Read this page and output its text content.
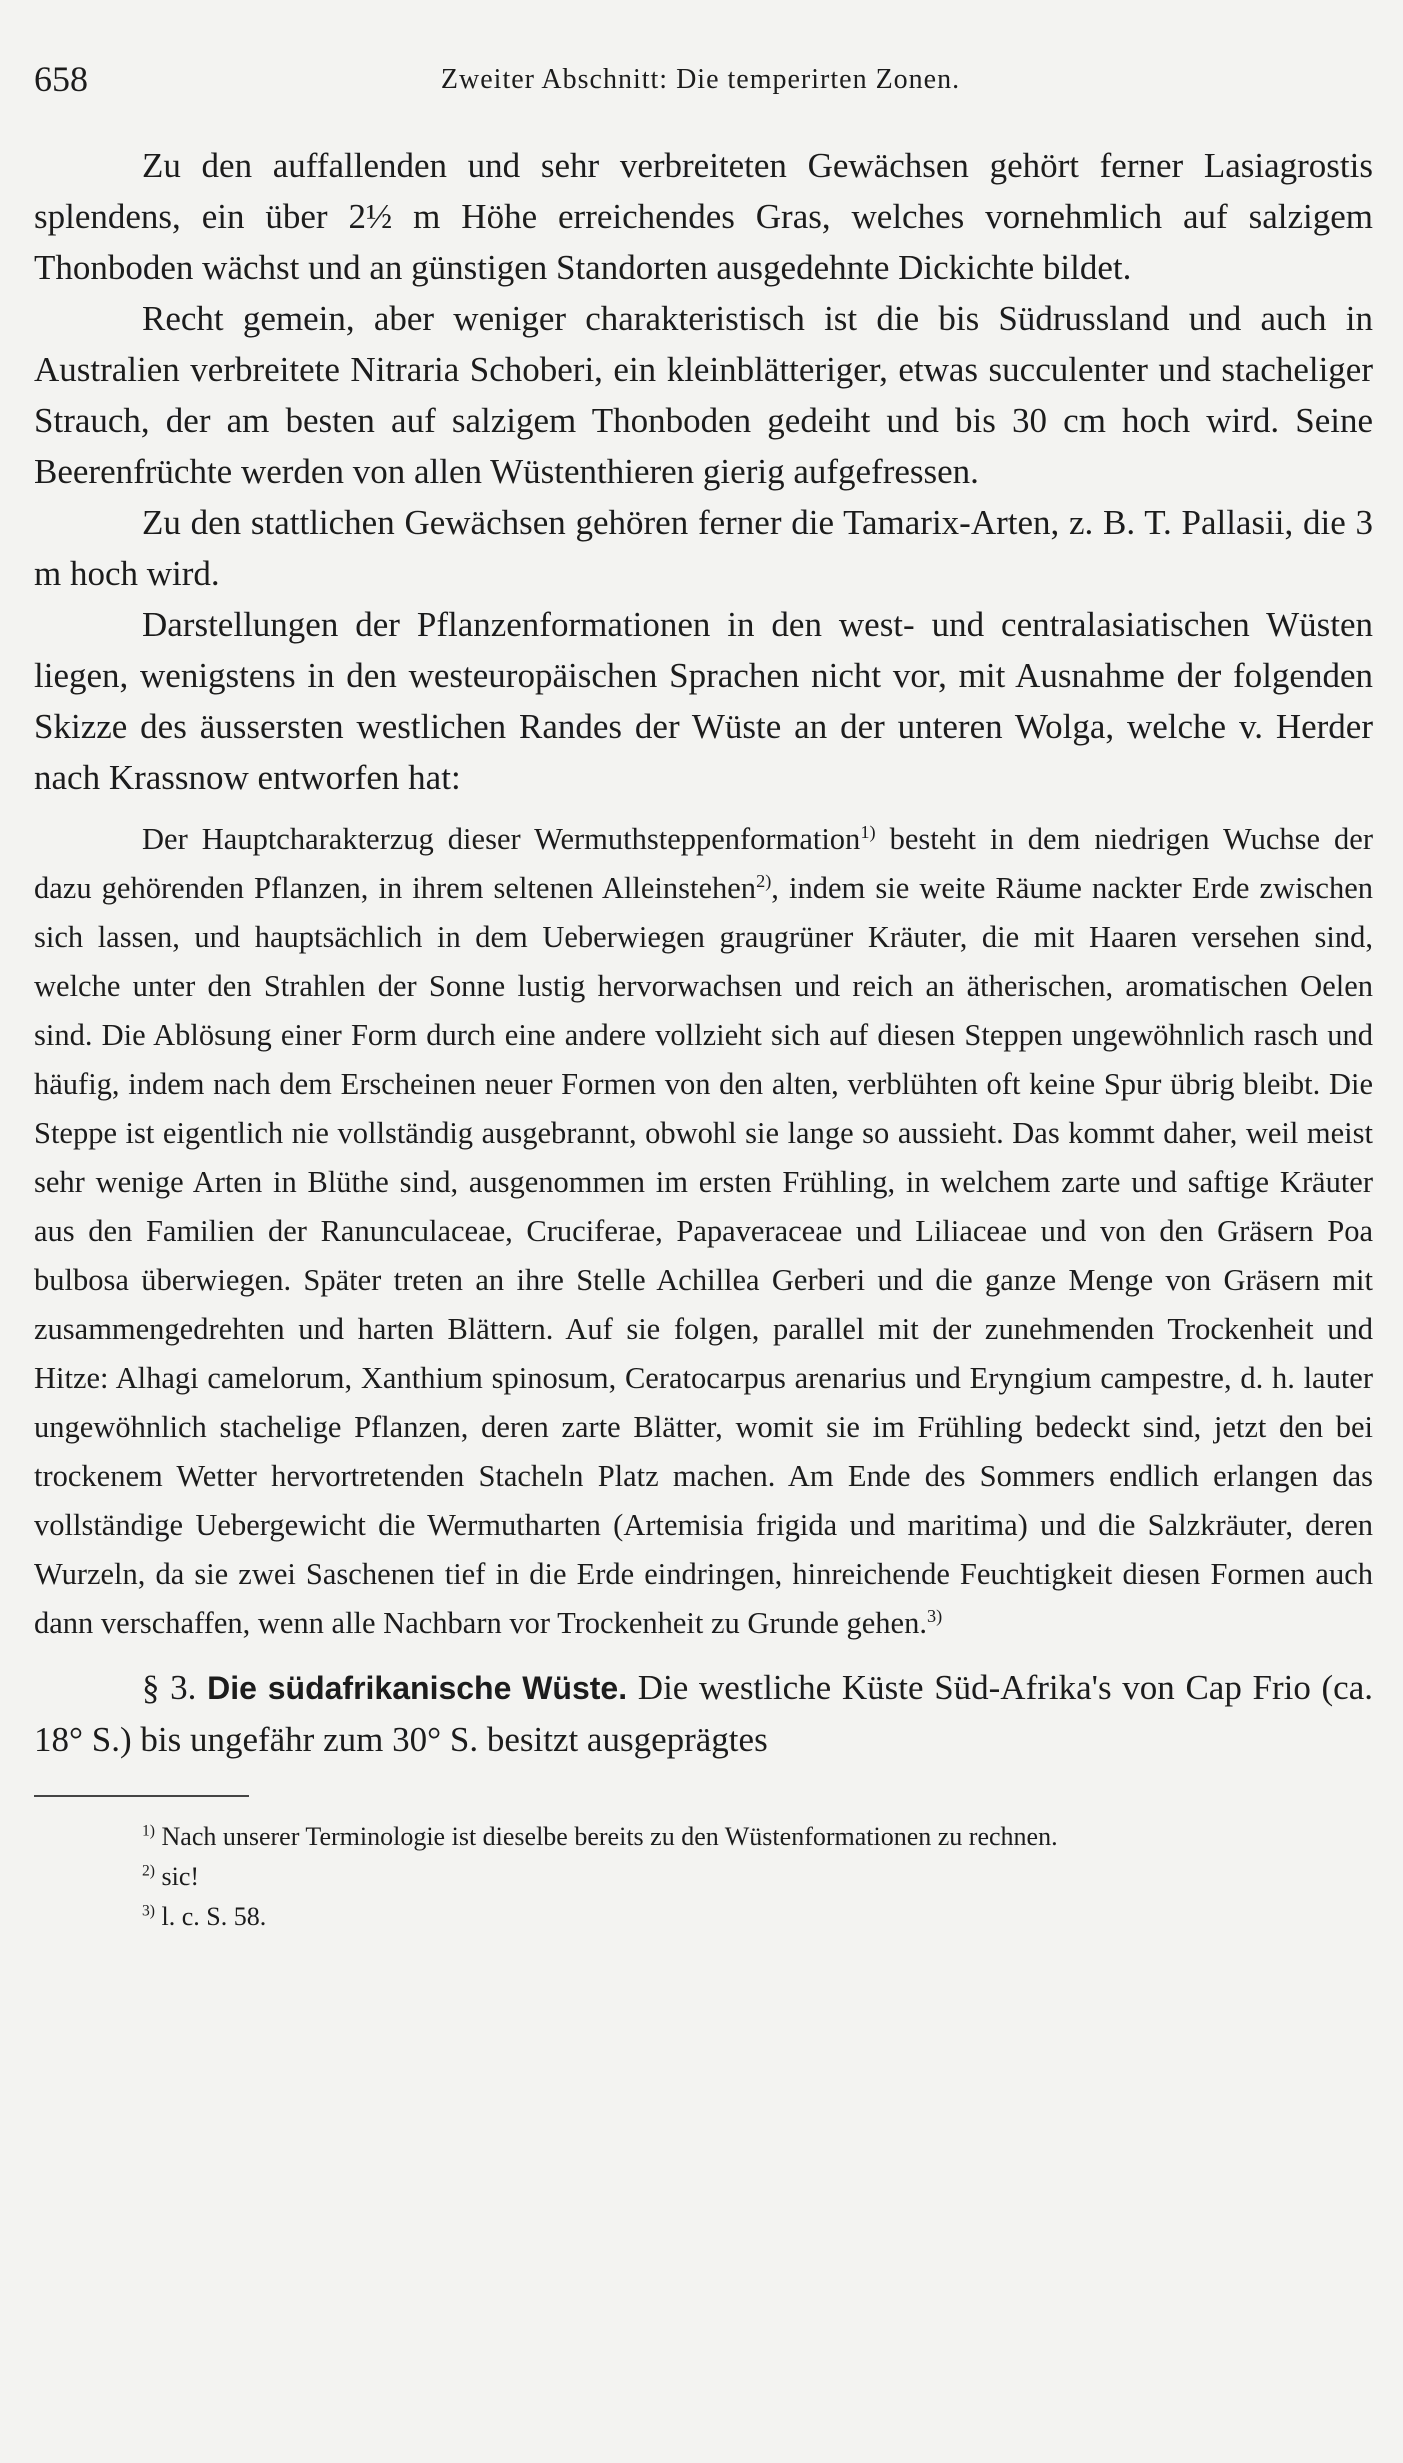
658	Zweiter Abschnitt: Die temperirten Zonen.

Zu den auffallenden und sehr verbreiteten Gewächsen gehört ferner Lasiagrostis splendens, ein über 2½ m Höhe erreichendes Gras, welches vornehmlich auf salzigem Thonboden wächst und an günstigen Standorten ausgedehnte Dickichte bildet.

Recht gemein, aber weniger charakteristisch ist die bis Südrussland und auch in Australien verbreitete Nitraria Schoberi, ein kleinblätteriger, etwas succulenter und stacheliger Strauch, der am besten auf salzigem Thonboden gedeiht und bis 30 cm hoch wird. Seine Beerenfrüchte werden von allen Wüstenthieren gierig aufgefressen.

Zu den stattlichen Gewächsen gehören ferner die Tamarix-Arten, z. B. T. Pallasii, die 3 m hoch wird.

Darstellungen der Pflanzenformationen in den west- und centralasiatischen Wüsten liegen, wenigstens in den westeuropäischen Sprachen nicht vor, mit Ausnahme der folgenden Skizze des äussersten westlichen Randes der Wüste an der unteren Wolga, welche v. Herder nach Krassnow entworfen hat:

Der Hauptcharakterzug dieser Wermuthsteppenformation$^{1)}$ besteht in dem niedrigen Wuchse der dazu gehörenden Pflanzen, in ihrem seltenen Alleinstehen$^{2)}$, indem sie weite Räume nackter Erde zwischen sich lassen, und hauptsächlich in dem Ueberwiegen graugrüner Kräuter, die mit Haaren versehen sind, welche unter den Strahlen der Sonne lustig hervorwachsen und reich an ätherischen, aromatischen Oelen sind. Die Ablösung einer Form durch eine andere vollzieht sich auf diesen Steppen ungewöhnlich rasch und häufig, indem nach dem Erscheinen neuer Formen von den alten, verblühten oft keine Spur übrig bleibt. Die Steppe ist eigentlich nie vollständig ausgebrannt, obwohl sie lange so aussieht. Das kommt daher, weil meist sehr wenige Arten in Blüthe sind, ausgenommen im ersten Frühling, in welchem zarte und saftige Kräuter aus den Familien der Ranunculaceae, Cruciferae, Papaveraceae und Liliaceae und von den Gräsern Poa bulbosa überwiegen. Später treten an ihre Stelle Achillea Gerberi und die ganze Menge von Gräsern mit zusammengedrehten und harten Blättern. Auf sie folgen, parallel mit der zunehmenden Trockenheit und Hitze: Alhagi camelorum, Xanthium spinosum, Ceratocarpus arenarius und Eryngium campestre, d. h. lauter ungewöhnlich stachelige Pflanzen, deren zarte Blätter, womit sie im Frühling bedeckt sind, jetzt den bei trockenem Wetter hervortretenden Stacheln Platz machen. Am Ende des Sommers endlich erlangen das vollständige Uebergewicht die Wermutharten (Artemisia frigida und maritima) und die Salzkräuter, deren Wurzeln, da sie zwei Saschenen tief in die Erde eindringen, hinreichende Feuchtigkeit diesen Formen auch dann verschaffen, wenn alle Nachbarn vor Trockenheit zu Grunde gehen.$^{3)}$

§ 3. Die südafrikanische Wüste. Die westliche Küste Süd-Afrika's von Cap Frio (ca. 18° S.) bis ungefähr zum 30° S. besitzt ausgeprägtes

$^{1)}$ Nach unserer Terminologie ist dieselbe bereits zu den Wüstenformationen zu rechnen.
$^{2)}$ sic!
$^{3)}$ l. c. S. 58.
